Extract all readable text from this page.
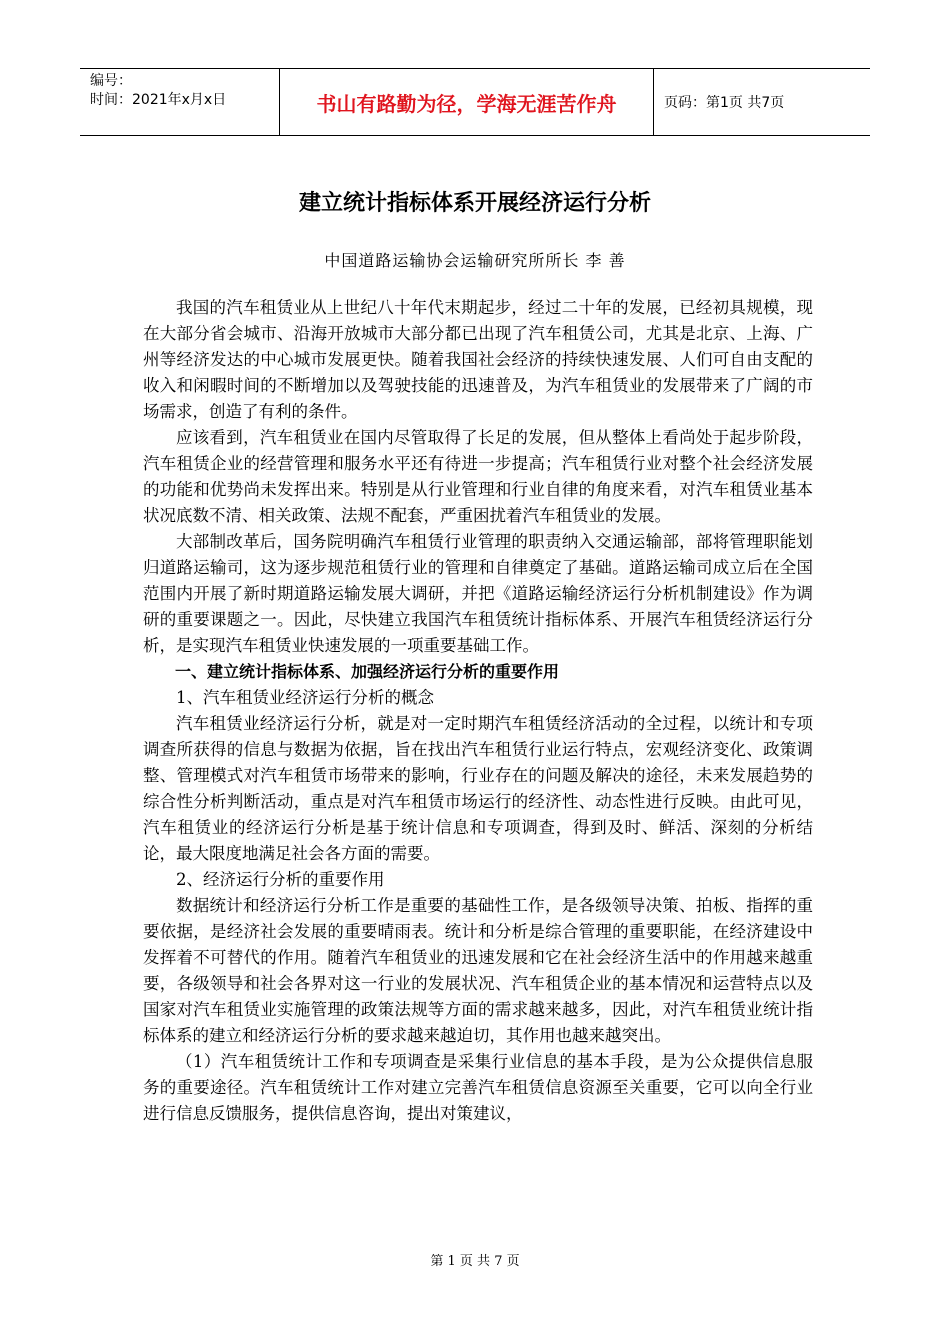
编号：
时间：2021年x月x日	书山有路勤为径，学海无涯苦作舟	页码：第1页 共7页
建立统计指标体系开展经济运行分析
中国道路运输协会运输研究所所长 李 善

我国的汽车租赁业从上世纪八十年代末期起步，经过二十年的发展，已经初具规模，现在大部分省会城市、沿海开放城市大部分都已出现了汽车租赁公司，尤其是北京、上海、广州等经济发达的中心城市发展更快。随着我国社会经济的持续快速发展、人们可自由支配的收入和闲暇时间的不断增加以及驾驶技能的迅速普及，为汽车租赁业的发展带来了广阔的市场需求，创造了有利的条件。

应该看到，汽车租赁业在国内尽管取得了长足的发展，但从整体上看尚处于起步阶段，汽车租赁企业的经营管理和服务水平还有待进一步提高；汽车租赁行业对整个社会经济发展的功能和优势尚未发挥出来。特别是从行业管理和行业自律的角度来看，对汽车租赁业基本状况底数不清、相关政策、法规不配套，严重困扰着汽车租赁业的发展。

大部制改革后，国务院明确汽车租赁行业管理的职责纳入交通运输部，部将管理职能划归道路运输司，这为逐步规范租赁行业的管理和自律奠定了基础。道路运输司成立后在全国范围内开展了新时期道路运输发展大调研，并把《道路运输经济运行分析机制建设》作为调研的重要课题之一。因此，尽快建立我国汽车租赁统计指标体系、开展汽车租赁经济运行分析，是实现汽车租赁业快速发展的一项重要基础工作。

一、建立统计指标体系、加强经济运行分析的重要作用

1、汽车租赁业经济运行分析的概念

汽车租赁业经济运行分析，就是对一定时期汽车租赁经济活动的全过程，以统计和专项调查所获得的信息与数据为依据，旨在找出汽车租赁行业运行特点，宏观经济变化、政策调整、管理模式对汽车租赁市场带来的影响，行业存在的问题及解决的途径，未来发展趋势的综合性分析判断活动，重点是对汽车租赁市场运行的经济性、动态性进行反映。由此可见，汽车租赁业的经济运行分析是基于统计信息和专项调查，得到及时、鲜活、深刻的分析结论，最大限度地满足社会各方面的需要。

2、经济运行分析的重要作用

数据统计和经济运行分析工作是重要的基础性工作，是各级领导决策、拍板、指挥的重要依据，是经济社会发展的重要晴雨表。统计和分析是综合管理的重要职能，在经济建设中发挥着不可替代的作用。随着汽车租赁业的迅速发展和它在社会经济生活中的作用越来越重要，各级领导和社会各界对这一行业的发展状况、汽车租赁企业的基本情况和运营特点以及国家对汽车租赁业实施管理的政策法规等方面的需求越来越多，因此，对汽车租赁业统计指标体系的建立和经济运行分析的要求越来越迫切，其作用也越来越突出。

（1）汽车租赁统计工作和专项调查是采集行业信息的基本手段，是为公众提供信息服务的重要途径。汽车租赁统计工作对建立完善汽车租赁信息资源至关重要，它可以向全行业进行信息反馈服务，提供信息咨询，提出对策建议，

第 1 页 共 7 页
